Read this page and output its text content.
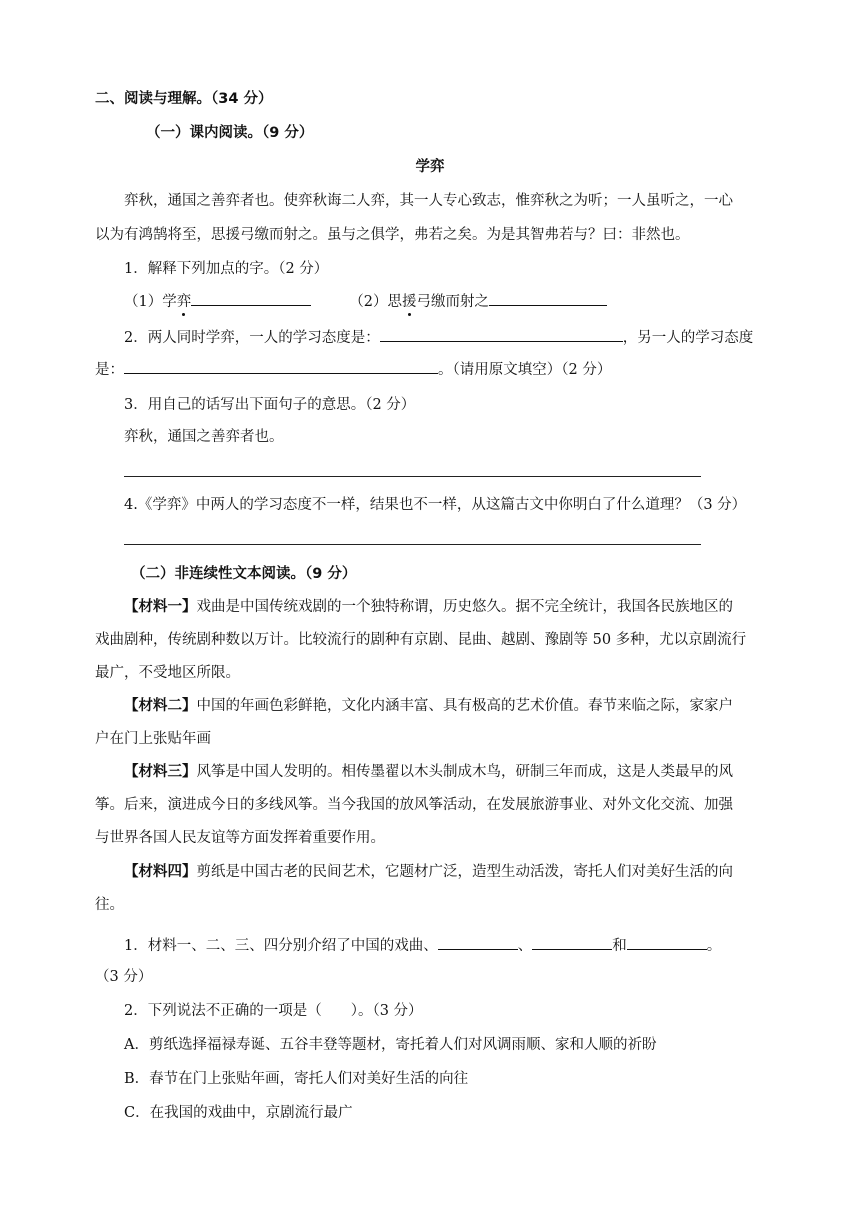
二、阅读与理解。（34 分）
（一）课内阅读。（9 分）
学弈
弈秋，通国之善弈者也。使弈秋诲二人弈，其一人专心致志，惟弈秋之为听；一人虽听之，一心
以为有鸿鹄将至，思援弓缴而射之。虽与之俱学，弗若之矣。为是其智弗若与？曰：非然也。
1．解释下列加点的字。（2 分）
（1）学弈	（2）思援弓缴而射之
2．两人同时学弈，一人的学习态度是：	，另一人的学习态度
是：	。（请用原文填空）（2 分）
3．用自己的话写出下面句子的意思。（2 分）
弈秋，通国之善弈者也。
4.《学弈》中两人的学习态度不一样，结果也不一样，从这篇古文中你明白了什么道理？（3 分）
（二）非连续性文本阅读。（9 分）
【材料一】戏曲是中国传统戏剧的一个独特称谓，历史悠久。据不完全统计，我国各民族地区的
戏曲剧种，传统剧种数以万计。比较流行的剧种有京剧、昆曲、越剧、豫剧等 50 多种，尤以京剧流行
最广，不受地区所限。
【材料二】中国的年画色彩鲜艳，文化内涵丰富、具有极高的艺术价值。春节来临之际，家家户
户在门上张贴年画
【材料三】风筝是中国人发明的。相传墨翟以木头制成木鸟，研制三年而成，这是人类最早的风
筝。后来，演进成今日的多线风筝。当今我国的放风筝活动，在发展旅游事业、对外文化交流、加强
与世界各国人民友谊等方面发挥着重要作用。
【材料四】剪纸是中国古老的民间艺术，它题材广泛，造型生动活泼，寄托人们对美好生活的向
往。
1．材料一、二、三、四分别介绍了中国的戏曲、	、	和	。
（3 分）
2．下列说法不正确的一项是（　　）。（3 分）
A．剪纸选择福禄寿诞、五谷丰登等题材，寄托着人们对风调雨顺、家和人顺的祈盼
B．春节在门上张贴年画，寄托人们对美好生活的向往
C．在我国的戏曲中，京剧流行最广
